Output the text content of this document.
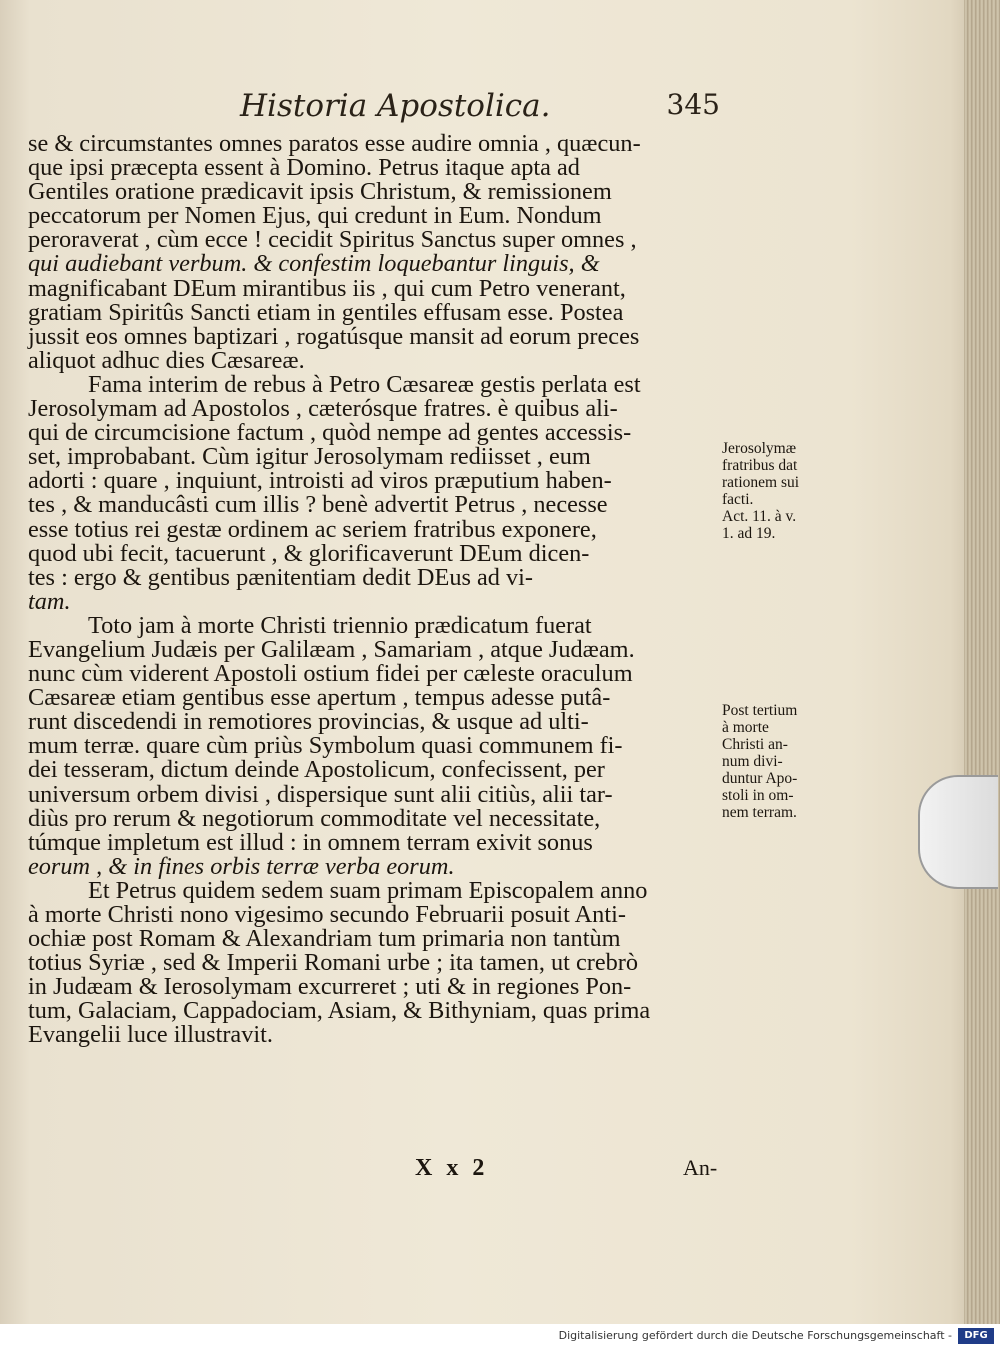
Historia Apostolica.	345
se & circumstantes omnes paratos esse audire omnia , quæcun-
que ipsi præcepta essent à Domino. Petrus itaque apta ad
Gentiles oratione prædicavit ipsis Christum, & remissionem
peccatorum per Nomen Ejus, qui credunt in Eum. Nondum
peroraverat , cùm ecce ! cecidit Spiritus Sanctus super omnes ,
qui audiebant verbum. & confestim loquebantur linguis, &
magnificabant DEum mirantibus iis , qui cum Petro venerant,
gratiam Spiritûs Sancti etiam in gentiles effusam esse. Postea
jussit eos omnes baptizari , rogatúsque mansit ad eorum preces
aliquot adhuc dies Cæsareæ.
Fama interim de rebus à Petro Cæsareæ gestis perlata est
Jerosolymam ad Apostolos , cæterósque fratres. è quibus ali-
qui de circumcisione factum , quòd nempe ad gentes accessis-
set, improbabant. Cùm igitur Jerosolymam rediisset , eum
adorti : quare , inquiunt, introisti ad viros præputium haben-
tes , & manducâsti cum illis ? benè advertit Petrus , necesse
esse totius rei gestæ ordinem ac seriem fratribus exponere,
quod ubi fecit, tacuerunt , & glorificaverunt DEum dicen-
tes : ergo & gentibus pænitentiam dedit DEus ad vi-
tam.
Toto jam à morte Christi triennio prædicatum fuerat
Evangelium Judæis per Galilæam , Samariam , atque Judæam.
nunc cùm viderent Apostoli ostium fidei per cæleste oraculum
Cæsareæ etiam gentibus esse apertum , tempus adesse putâ-
runt discedendi in remotiores provincias, & usque ad ulti-
mum terræ. quare cùm priùs Symbolum quasi communem fi-
dei tesseram, dictum deinde Apostolicum, confecissent, per
universum orbem divisi , dispersique sunt alii citiùs, alii tar-
diùs pro rerum & negotiorum commoditate vel necessitate,
túmque impletum est illud : in omnem terram exivit sonus
eorum , & in fines orbis terræ verba eorum.
Et Petrus quidem sedem suam primam Episcopalem anno
à morte Christi nono vigesimo secundo Februarii posuit Anti-
ochiæ post Romam & Alexandriam tum primaria non tantùm
totius Syriæ , sed & Imperii Romani urbe ; ita tamen, ut crebrò
in Judæam & Ierosolymam excurreret ; uti & in regiones Pon-
tum, Galaciam, Cappadociam, Asiam, & Bithyniam, quas prima
Evangelii luce illustravit.
Jerosolymæ
fratribus dat
rationem sui
facti.
Act. 11. à v.
1. ad 19.
Post tertium
à morte
Christi an-
num divi-
duntur Apo-
stoli in om-
nem terram.
X x 2	An-
Digitalisierung gefördert durch die Deutsche Forschungsgemeinschaft -	DFG
